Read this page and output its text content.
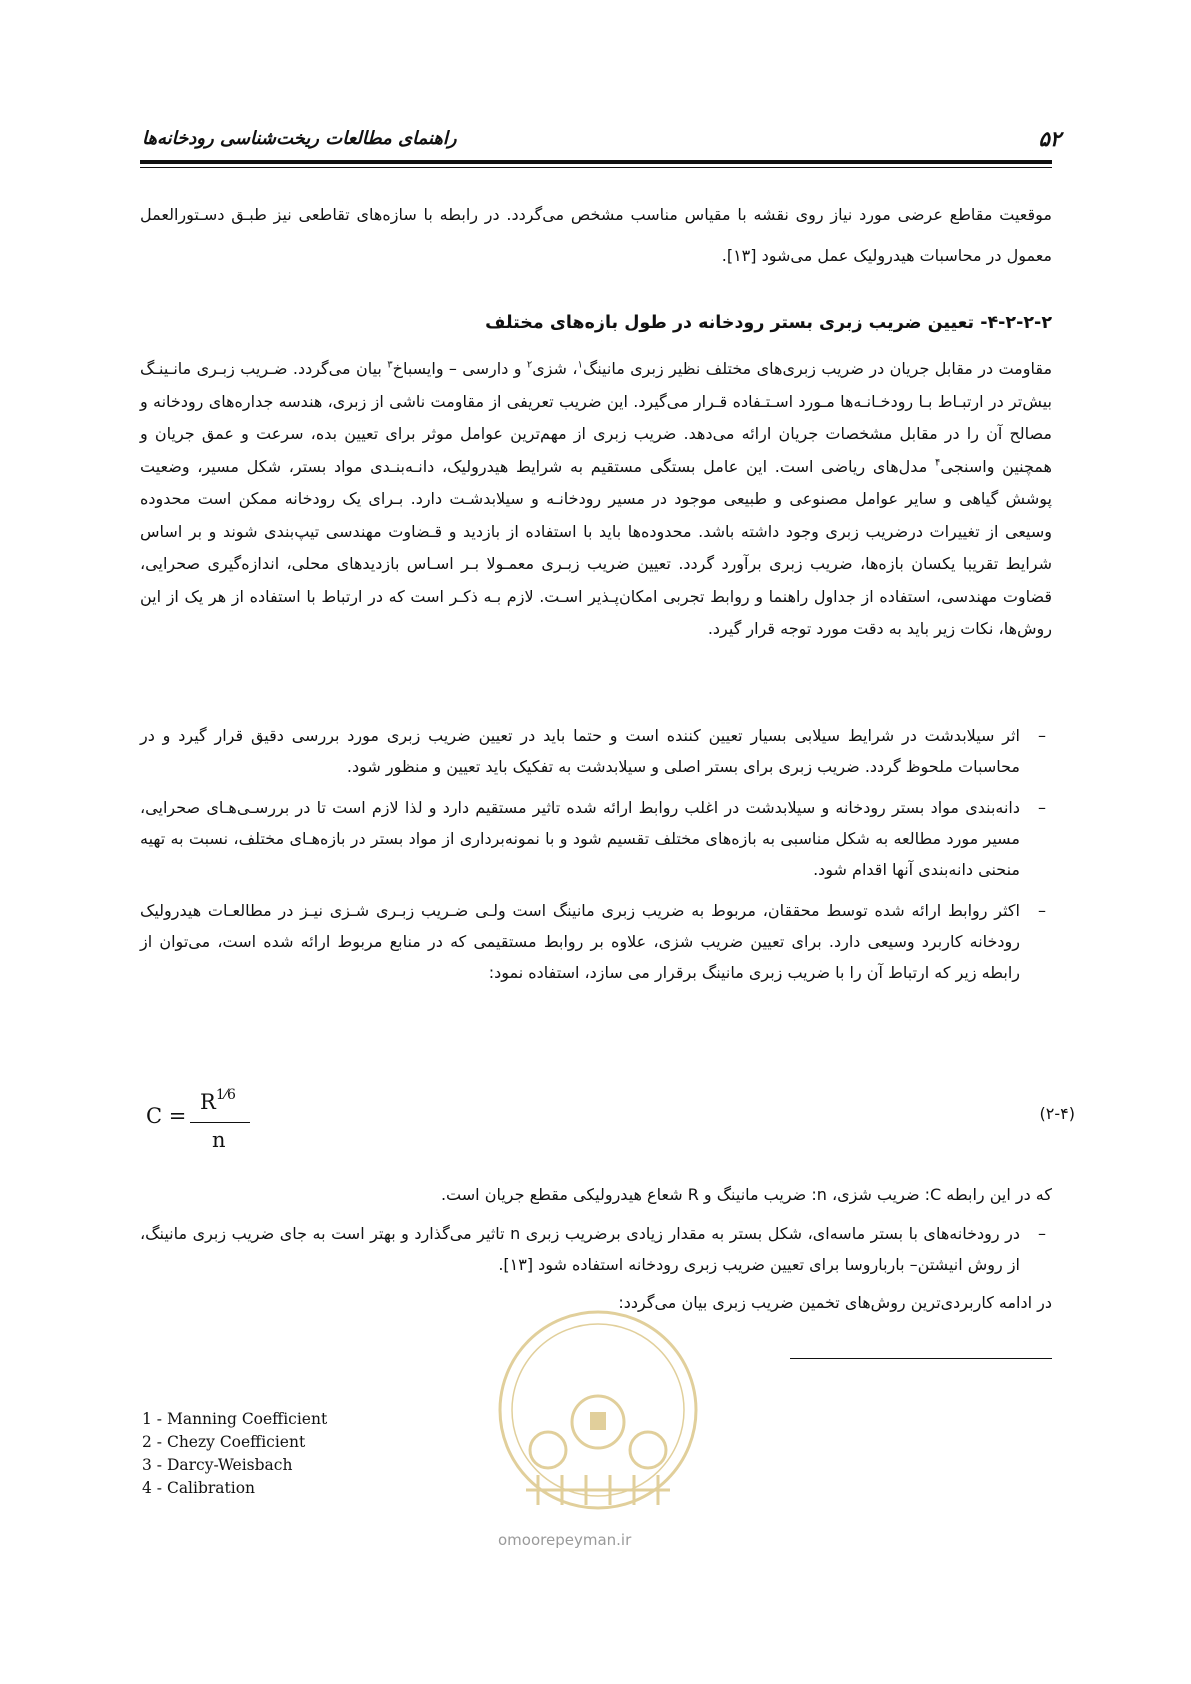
۵۲
راهنمای مطالعات ریخت‌شناسی رودخانه‌ها
موقعیت مقاطع عرضی مورد نیاز روی نقشه با مقیاس مناسب مشخص می‌گردد. در رابطه با سازه‌های تقاطعی نیز طبـق دسـتورالعمل
معمول در محاسبات هیدرولیک عمل می‌شود [۱۳].
۴-۲-۲-۲- تعیین ضریب زبری بستر رودخانه در طول بازه‌های مختلف
مقاومت در مقابل جریان در ضریب زبری‌های مختلف نظیر زبری مانینگ$^۱$، شزی$^۲$ و دارسی – وایسباخ$^۳$ بیان می‌گردد. ضـریب زبـری مانـینـگ بیش‌تر در ارتبـاط بـا رودخـانـه‌ها مـورد اسـتـفاده قـرار می‌گیرد. این ضریب تعریفی از مقاومت ناشی از زبری، هندسه جداره‌های رودخانه و مصالح آن را در مقابل مشخصات جریان ارائه می‌دهد. ضریب زبری از مهم‌ترین عوامل موثر برای تعیین بده، سرعت و عمق جریان و همچنین واسنجی$^۴$ مدل‌های ریاضی است. این عامل بستگی مستقیم به شرایط هیدرولیک، دانـه‌بنـدی مواد بستر، شکل مسیر، وضعیت پوشش گیاهی و سایر عوامل مصنوعی و طبیعی موجود در مسیر رودخانـه و سیلابدشـت دارد. بـرای یک رودخانه ممکن است محدوده وسیعی از تغییرات درضریب زبری وجود داشته باشد. محدوده‌ها باید با استفاده از بازدید و قـضاوت مهندسی تیپ‌بندی شوند و بر اساس شرایط تقریبا یکسان بازه‌ها، ضریب زبری برآورد گردد. تعیین ضریب زبـری معمـولا بـر اسـاس بازدیدهای محلی، اندازه‌گیری صحرایی، قضاوت مهندسی، استفاده از جداول راهنما و روابط تجربی امکان‌پـذیر اسـت. لازم بـه ذکـر است که در ارتباط با استفاده از هر یک از این روش‌ها، نکات زیر باید به دقت مورد توجه قرار گیرد.
–
اثر سیلابدشت در شرایط سیلابی بسیار تعیین کننده است و حتما باید در تعیین ضریب زبری مورد بررسی دقیق قرار گیرد و در محاسبات ملحوظ گردد. ضریب زبری برای بستر اصلی و سیلابدشت به تفکیک باید تعیین و منظور شود.
–
دانه‌بندی مواد بستر رودخانه و سیلابدشت در اغلب روابط ارائه شده تاثیر مستقیم دارد و لذا لازم است تا در بررسـی‌هـای صحرایی، مسیر مورد مطالعه به شکل مناسبی به بازه‌های مختلف تقسیم شود و با نمونه‌برداری از مواد بستر در بازه‌هـای مختلف، نسبت به تهیه منحنی دانه‌بندی آنها اقدام شود.
–
اکثر روابط ارائه شده توسط محققان، مربوط به ضریب زبری مانینگ است ولـی ضـریب زبـری شـزی نیـز در مطالعـات هیدرولیک رودخانه کاربرد وسیعی دارد. برای تعیین ضریب شزی، علاوه بر روابط مستقیمی که در منابع مربوط ارائه شده است، می‌توان از رابطه زیر که ارتباط آن را با ضریب زبری مانینگ برقرار می سازد، استفاده نمود:
C =
$R^{1⁄6}$
n
(۲-۴)
که در این رابطه C: ضریب شزی، n: ضریب مانینگ و R شعاع هیدرولیکی مقطع جریان است.
–
در رودخانه‌های با بستر ماسه‌ای، شکل بستر به مقدار زیادی برضریب زبری n تاثیر می‌گذارد و بهتر است به جای ضریب زبری مانینگ، از روش انیشتن– بارباروسا برای تعیین ضریب زبری رودخانه استفاده شود [۱۳].
در ادامه کاربردی‌ترین روش‌های تخمین ضریب زبری بیان می‌گردد:
omoorepeyman.ir
1 - Manning Coefficient
2 - Chezy Coefficient
3 - Darcy-Weisbach
4 - Calibration
